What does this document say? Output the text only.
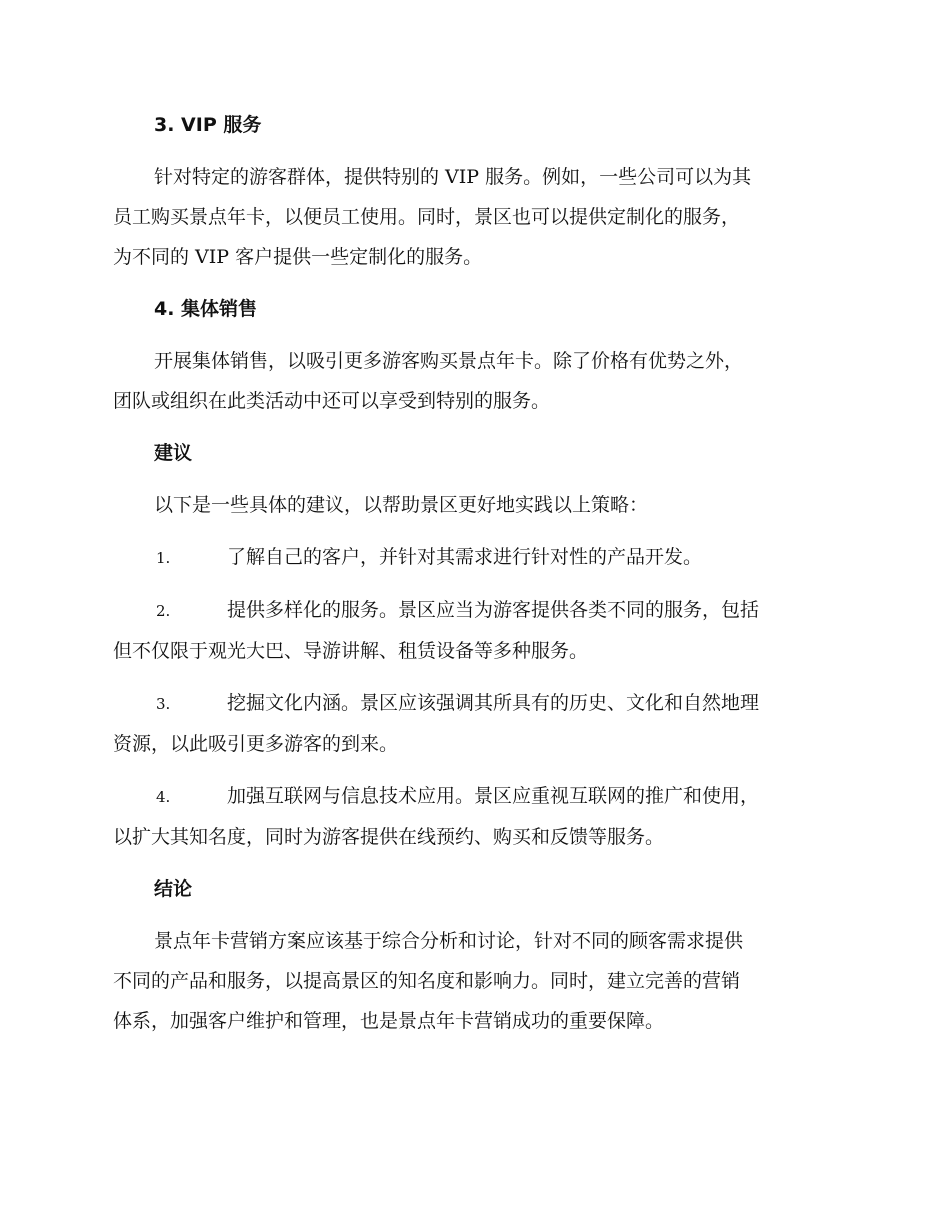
3. VIP 服务
针对特定的游客群体，提供特别的 VIP 服务。例如，一些公司可以为其
员工购买景点年卡，以便员工使用。同时，景区也可以提供定制化的服务，
为不同的 VIP 客户提供一些定制化的服务。
4. 集体销售
开展集体销售，以吸引更多游客购买景点年卡。除了价格有优势之外，
团队或组织在此类活动中还可以享受到特别的服务。
建议
以下是一些具体的建议，以帮助景区更好地实践以上策略：
1.	了解自己的客户，并针对其需求进行针对性的产品开发。
2.	提供多样化的服务。景区应当为游客提供各类不同的服务，包括
但不仅限于观光大巴、导游讲解、租赁设备等多种服务。
3.	挖掘文化内涵。景区应该强调其所具有的历史、文化和自然地理
资源，以此吸引更多游客的到来。
4.	加强互联网与信息技术应用。景区应重视互联网的推广和使用，
以扩大其知名度，同时为游客提供在线预约、购买和反馈等服务。
结论
景点年卡营销方案应该基于综合分析和讨论，针对不同的顾客需求提供
不同的产品和服务，以提高景区的知名度和影响力。同时，建立完善的营销
体系，加强客户维护和管理，也是景点年卡营销成功的重要保障。
